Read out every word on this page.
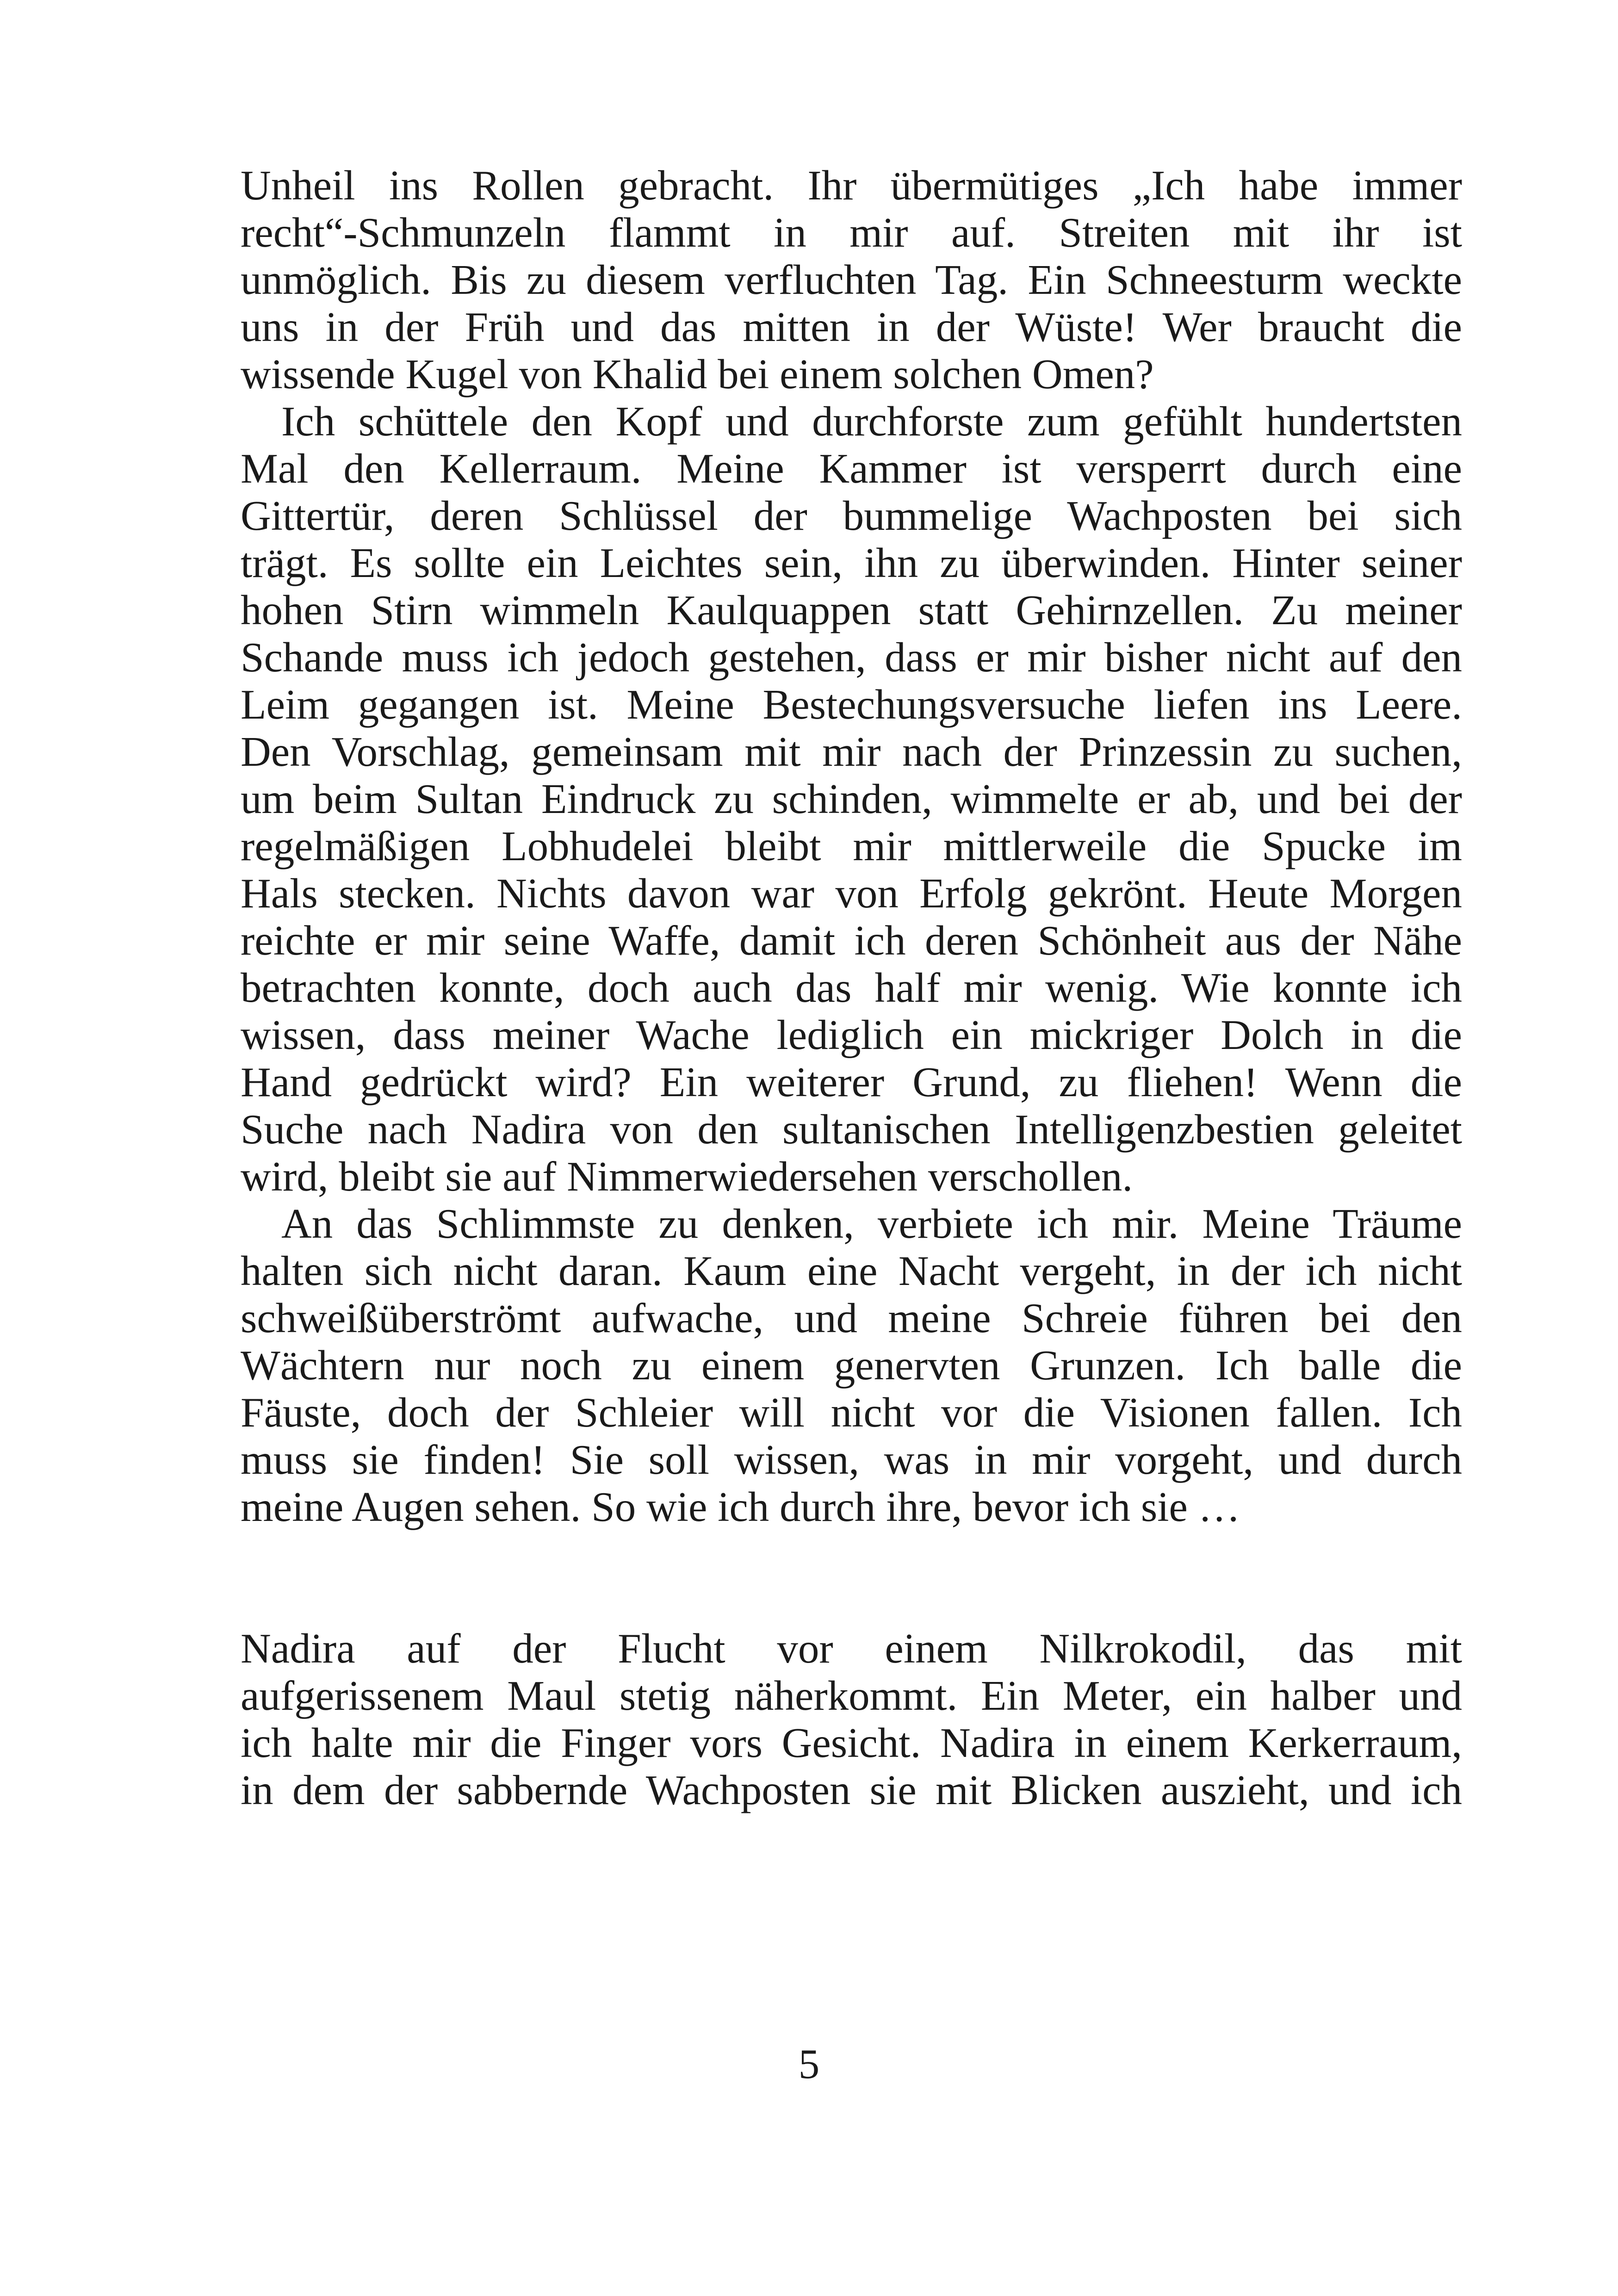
Unheil ins Rollen gebracht. Ihr übermütiges „Ich habe immer
recht“-Schmunzeln flammt in mir auf. Streiten mit ihr ist
unmöglich. Bis zu diesem verfluchten Tag. Ein Schneesturm weckte
uns in der Früh und das mitten in der Wüste! Wer braucht die
wissende Kugel von Khalid bei einem solchen Omen?

Ich schüttele den Kopf und durchforste zum gefühlt hundertsten
Mal den Kellerraum. Meine Kammer ist versperrt durch eine
Gittertür, deren Schlüssel der bummelige Wachposten bei sich
trägt. Es sollte ein Leichtes sein, ihn zu überwinden. Hinter seiner
hohen Stirn wimmeln Kaulquappen statt Gehirnzellen. Zu meiner
Schande muss ich jedoch gestehen, dass er mir bisher nicht auf den
Leim gegangen ist. Meine Bestechungsversuche liefen ins Leere.
Den Vorschlag, gemeinsam mit mir nach der Prinzessin zu suchen,
um beim Sultan Eindruck zu schinden, wimmelte er ab, und bei der
regelmäßigen Lobhudelei bleibt mir mittlerweile die Spucke im
Hals stecken. Nichts davon war von Erfolg gekrönt. Heute Morgen
reichte er mir seine Waffe, damit ich deren Schönheit aus der Nähe
betrachten konnte, doch auch das half mir wenig. Wie konnte ich
wissen, dass meiner Wache lediglich ein mickriger Dolch in die
Hand gedrückt wird? Ein weiterer Grund, zu fliehen! Wenn die
Suche nach Nadira von den sultanischen Intelligenzbestien geleitet
wird, bleibt sie auf Nimmerwiedersehen verschollen.

An das Schlimmste zu denken, verbiete ich mir. Meine Träume
halten sich nicht daran. Kaum eine Nacht vergeht, in der ich nicht
schweißüberströmt aufwache, und meine Schreie führen bei den
Wächtern nur noch zu einem genervten Grunzen. Ich balle die
Fäuste, doch der Schleier will nicht vor die Visionen fallen. Ich
muss sie finden! Sie soll wissen, was in mir vorgeht, und durch
meine Augen sehen. So wie ich durch ihre, bevor ich sie …

Nadira auf der Flucht vor einem Nilkrokodil, das mit
aufgerissenem Maul stetig näherkommt. Ein Meter, ein halber und
ich halte mir die Finger vors Gesicht. Nadira in einem Kerkerraum,
in dem der sabbernde Wachposten sie mit Blicken auszieht, und ich

5
